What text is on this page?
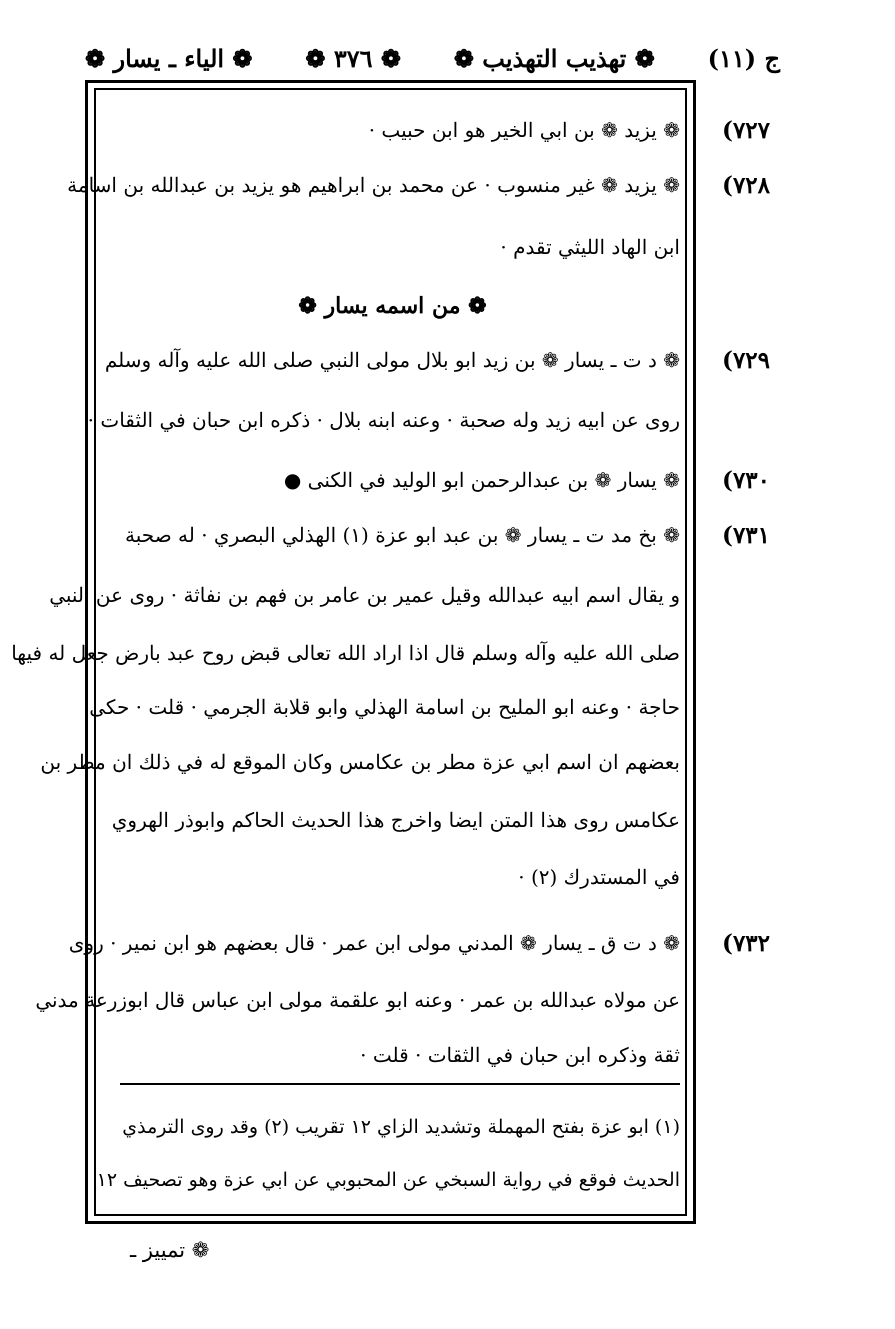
ج (١١)
❁ تهذيب التهذيب ❁
❁ ٣٧٦ ❁
❁ الياء ـ يسار ❁
(٧٢٧
❁ يزيد ❁ بن ابي الخير هو ابن حبيب ·
(٧٢٨
❁ يزيد ❁ غير منسوب · عن محمد بن ابراهيم هو يزيد بن عبدالله بن اسامة
ابن الهاد الليثي تقدم ·
❁ من اسمه يسار ❁
(٧٢٩
❁ د ت ـ يسار ❁ بن زيد ابو بلال مولى النبي صلى الله عليه وآله وسلم
روى عن ابيه زيد وله صحبة · وعنه ابنه بلال · ذكره ابن حبان في الثقات ·
(٧٣٠
❁ يسار ❁ بن عبدالرحمن ابو الوليد في الكنى ●
(٧٣١
❁ بخ مد ت ـ يسار ❁ بن عبد ابو عزة (١) الهذلي البصري · له صحبة
و يقال اسم ابيه عبدالله وقيل عمير بن عامر بن فهم بن نفاثة · روى عن النبي
صلى الله عليه وآله وسلم قال اذا اراد الله تعالى قبض روح عبد بارض جعل له فيها
حاجة · وعنه ابو المليح بن اسامة الهذلي وابو قلابة الجرمي · قلت · حكى
بعضهم ان اسم ابي عزة مطر بن عكامس وكان الموقع له في ذلك ان مطر بن
عكامس روى هذا المتن ايضا واخرج هذا الحديث الحاكم وابوذر الهروي
في المستدرك (٢) ·
(٧٣٢
❁ د ت ق ـ يسار ❁ المدني مولى ابن عمر · قال بعضهم هو ابن نمير · روى
عن مولاه عبدالله بن عمر · وعنه ابو علقمة مولى ابن عباس قال ابوزرعة مدني
ثقة وذكره ابن حبان في الثقات · قلت ·
(١) ابو عزة بفتح المهملة وتشديد الزاي ١٢ تقريب (٢) وقد روى الترمذي
الحديث فوقع في رواية السبخي عن المحبوبي عن ابي عزة وهو تصحيف ١٢
❁ تمييز ـ
